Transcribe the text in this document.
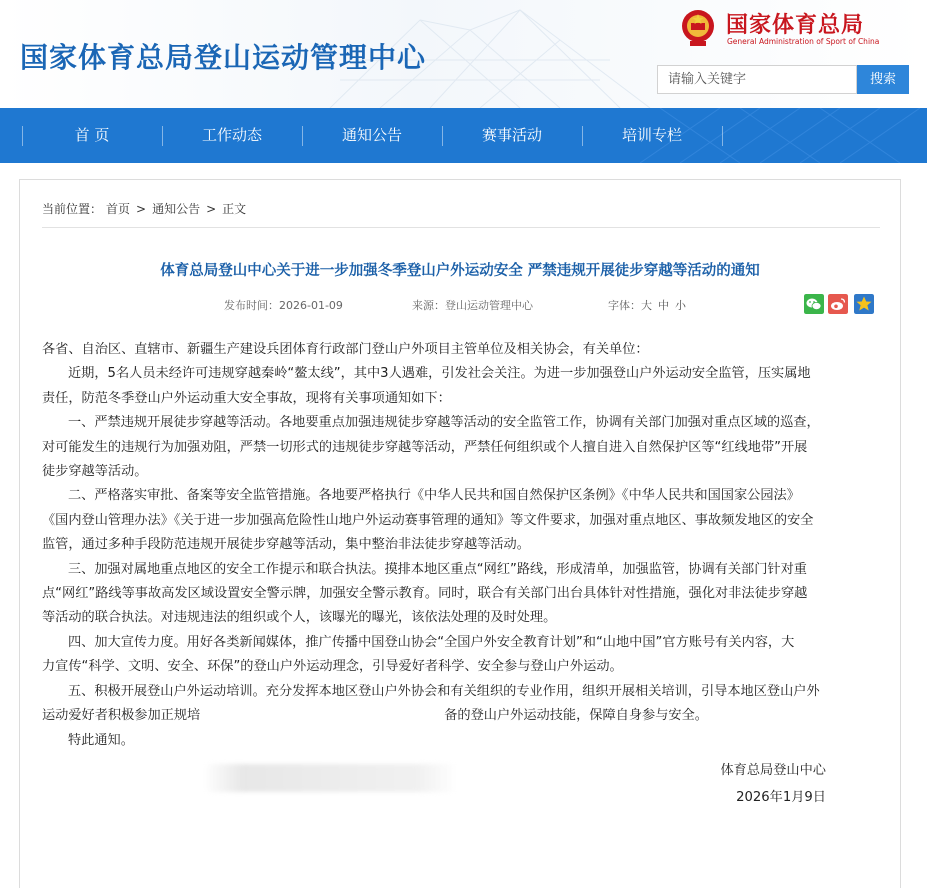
国家体育总局登山运动管理中心
国家体育总局
General Administration of Sport of China
请输入关键字
搜索
首 页	工作动态	通知公告	赛事活动	培训专栏
当前位置： 首页 > 通知公告 > 正文
体育总局登山中心关于进一步加强冬季登山户外运动安全 严禁违规开展徒步穿越等活动的通知
发布时间：2026-01-09	来源：登山运动管理中心	字体：大 中 小
各省、自治区、直辖市、新疆生产建设兵团体育行政部门登山户外项目主管单位及相关协会，有关单位：
近期，5名人员未经许可违规穿越秦岭“鳌太线”，其中3人遇难，引发社会关注。为进一步加强登山户外运动安全监管，压实属地
责任，防范冬季登山户外运动重大安全事故，现将有关事项通知如下：
一、严禁违规开展徒步穿越等活动。各地要重点加强违规徒步穿越等活动的安全监管工作，协调有关部门加强对重点区域的巡查，
对可能发生的违规行为加强劝阻，严禁一切形式的违规徒步穿越等活动，严禁任何组织或个人擅自进入自然保护区等“红线地带”开展
徒步穿越等活动。
二、严格落实审批、备案等安全监管措施。各地要严格执行《中华人民共和国自然保护区条例》《中华人民共和国国家公园法》
《国内登山管理办法》《关于进一步加强高危险性山地户外运动赛事管理的通知》等文件要求，加强对重点地区、事故频发地区的安全
监管，通过多种手段防范违规开展徒步穿越等活动，集中整治非法徒步穿越等活动。
三、加强对属地重点地区的安全工作提示和联合执法。摸排本地区重点“网红”路线，形成清单，加强监管，协调有关部门针对重
点“网红”路线等事故高发区域设置安全警示牌，加强安全警示教育。同时，联合有关部门出台具体针对性措施，强化对非法徒步穿越
等活动的联合执法。对违规违法的组织或个人，该曝光的曝光，该依法处理的及时处理。
四、加大宣传力度。用好各类新闻媒体，推广传播中国登山协会“全国户外安全教育计划”和“山地中国”官方账号有关内容，大
力宣传“科学、文明、安全、环保”的登山户外运动理念，引导爱好者科学、安全参与登山户外运动。
五、积极开展登山户外运动培训。充分发挥本地区登山户外协会和有关组织的专业作用，组织开展相关培训，引导本地区登山户外
运动爱好者积极参加正规培	备的登山户外运动技能，保障自身参与安全。
特此通知。
体育总局登山中心
2026年1月9日
